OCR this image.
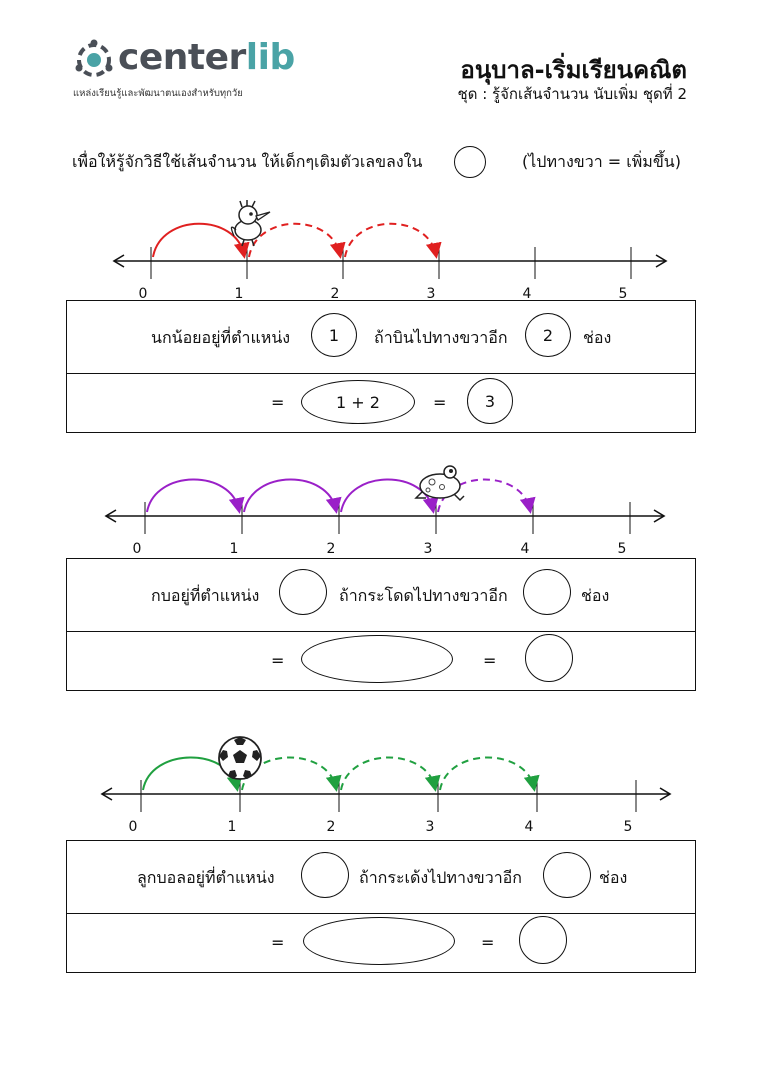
centerlib
แหล่งเรียนรู้และพัฒนาตนเองสำหรับทุกวัย
อนุบาล-เริ่มเรียนคณิต
ชุด : รู้จักเส้นจำนวน นับเพิ่ม ชุดที่ 2
เพื่อให้รู้จักวิธีใช้เส้นจำนวน ให้เด็กๆเติมตัวเลขลงใน	(ไปทางขวา = เพิ่มขึ้น)
0	1	2	3	4	5
นกน้อยอยู่ที่ตำแหน่ง	1	ถ้าบินไปทางขวาอีก	2	ช่อง
=	1 + 2	=	3
0	1	2	3	4	5
กบอยู่ที่ตำแหน่ง	ถ้ากระโดดไปทางขวาอีก	ช่อง
=	=
0	1	2	3	4	5
ลูกบอลอยู่ที่ตำแหน่ง	ถ้ากระเด้งไปทางขวาอีก	ช่อง
=	=
